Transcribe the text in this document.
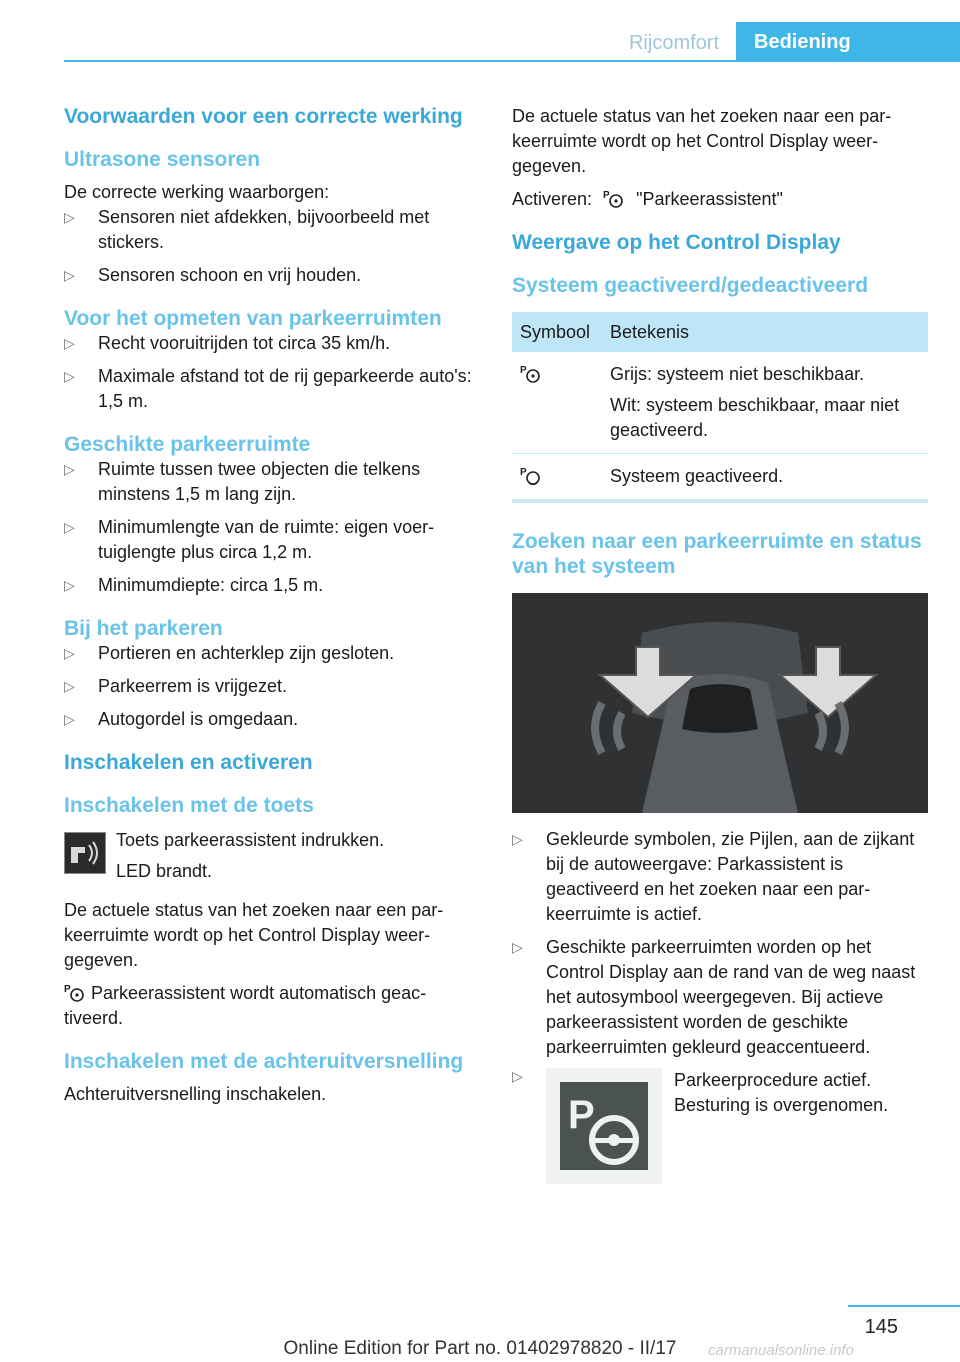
Rijcomfort	Bediening
Voorwaarden voor een correcte werking
Ultrasone sensoren

De correcte werking waarborgen:

▷ Sensoren niet afdekken, bijvoorbeeld met stickers.
▷ Sensoren schoon en vrij houden.
Voor het opmeten van parkeerruimten
▷ Recht vooruitrijden tot circa 35 km/h.
▷ Maximale afstand tot de rij geparkeerde auto's: 1,5 m.
Geschikte parkeerruimte
▷ Ruimte tussen twee objecten die telkens minstens 1,5 m lang zijn.
▷ Minimumlengte van de ruimte: eigen voertuiglengte plus circa 1,2 m.
▷ Minimumdiepte: circa 1,5 m.
Bij het parkeren
▷ Portieren en achterklep zijn gesloten.
▷ Parkeerrem is vrijgezet.
▷ Autogordel is omgedaan.
Inschakelen en activeren
Inschakelen met de toets

Toets parkeerassistent indrukken.

LED brandt.

De actuele status van het zoeken naar een parkeerruimte wordt op het Control Display weergegeven.

P Parkeerassistent wordt automatisch geactiveerd.

Inschakelen met de achteruitversnelling

Achteruitversnelling inschakelen.

De actuele status van het zoeken naar een parkeerruimte wordt op het Control Display weergegeven.

Activeren: P "Parkeerassistent"

Weergave op het Control Display
Systeem geactiveerd/gedeactiveerd
Symbool	Betekenis

P	Grijs: systeem niet beschikbaar.

Wit: systeem beschikbaar, maar niet geactiveerd.

P	Systeem geactiveerd.
Zoeken naar een parkeerruimte en status van het systeem
▷ Gekleurde symbolen, zie Pijlen, aan de zijkant bij de autoweergave: Parkassistent is geactiveerd en het zoeken naar een parkeerruimte is actief.
▷ Geschikte parkeerruimten worden op het Control Display aan de rand van de weg naast het autosymbool weergegeven. Bij actieve parkeerassistent worden de geschikte parkeerruimten gekleurd geaccentueerd.
▷
P

Parkeerprocedure actief.

Besturing is overgenomen.

145
Online Edition for Part no. 01402978820 - II/17	carmanualsonline.info
